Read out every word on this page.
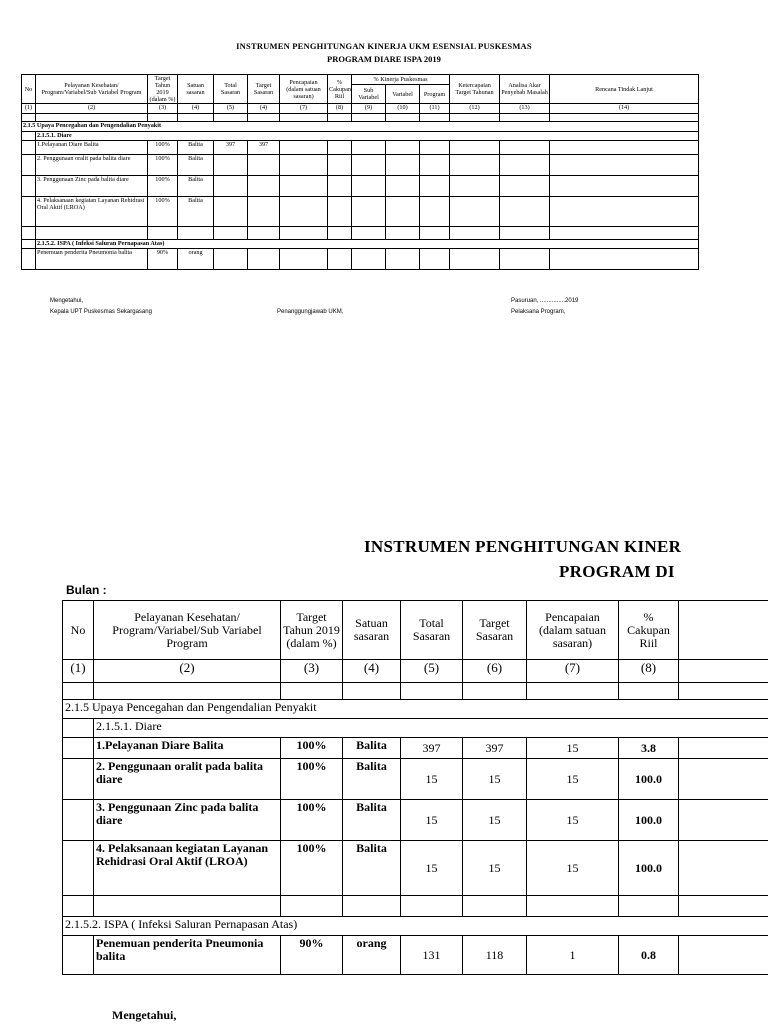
INSTRUMEN PENGHITUNGAN KINERJA UKM ESENSIAL PUSKESMAS
PROGRAM DIARE ISPA 2019
No	Pelayanan Kesehatan/ Program/Variabel/Sub Variabel Program	Target Tahun 2019 (dalam %)	Satuan sasaran	Total Sasaran	Target Sasaran	Pencapaian (dalam satuan sasaran)	% Cakupan Riil	% Kinerja Puskesmas			Ketercapaian Target Tahunan	Analisa Akar Penyebab Masalah	Rencana Tindak Lanjut
								Sub Variabel	Variabel	Program			
(1)	(2)	(3)	(4)	(5)	(4)	(7)	(8)	(9)	(10)	(11)	(12)	(13)	(14)

2.1.5 Upaya Pencegahan dan Pengendalian Penyakit													
	2.1.5.1. Diare												
	1.Pelayanan Diare Balita	100%	Balita	397	397								
	2. Penggunaan oralit pada balita diare	100%	Balita										
	3. Penggunaan Zinc pada balita diare	100%	Balita										
	4. Pelaksanaan kegiatan Layanan Rehidrasi Oral Aktif (LROA)	100%	Balita										

	2.1.5.2. ISPA ( Infeksi Saluran Pernapasan Atas)												
	Penemuan penderita Pneumonia balita	90%	orang										
Mengetahui,
Kepala UPT Puskesmas Sekargasang	Penanggungjawab UKM,
Pasuruan, ...............2019
Pelaksana Program,
INSTRUMEN PENGHITUNGAN KINER
PROGRAM DI
Bulan :
No	Pelayanan Kesehatan/ Program/Variabel/Sub Variabel Program	Target Tahun 2019 (dalam %)	Satuan sasaran	Total Sasaran	Target Sasaran	Pencapaian (dalam satuan sasaran)	% Cakupan Riil	
(1)	(2)	(3)	(4)	(5)	(6)	(7)	(8)	

2.1.5 Upaya Pencegahan dan Pengendalian Penyakit								
	2.1.5.1. Diare							
	1.Pelayanan Diare Balita	100%	Balita	397	397	15	3.8	
	2. Penggunaan oralit pada balita diare	100%	Balita	15	15	15	100.0	
	3. Penggunaan Zinc pada balita diare	100%	Balita	15	15	15	100.0	
	4. Pelaksanaan kegiatan Layanan Rehidrasi Oral Aktif (LROA)	100%	Balita	15	15	15	100.0	

2.1.5.2. ISPA ( Infeksi Saluran Pernapasan Atas)								
	Penemuan penderita Pneumonia balita	90%	orang	131	118	1	0.8	
Mengetahui,
